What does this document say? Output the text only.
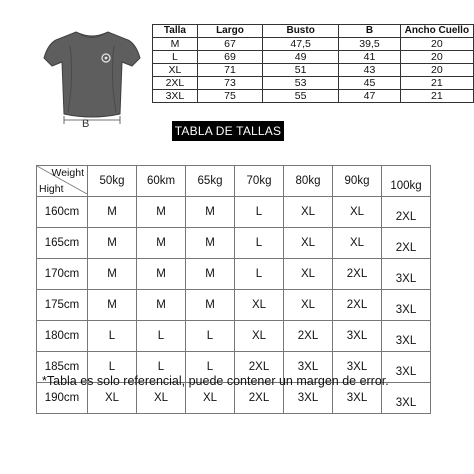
B
Talla	Largo	Busto	B	Ancho Cuello
M	67	47,5	39,5	20
L	69	49	41	20
XL	71	51	43	20
2XL	73	53	45	21
3XL	75	55	47	21
TABLA DE TALLAS
Weight
Hight	50kg	60km	65kg	70kg	80kg	90kg	100kg
160cm	M	M	M	L	XL	XL	2XL
165cm	M	M	M	L	XL	XL	2XL
170cm	M	M	M	L	XL	2XL	3XL
175cm	M	M	M	XL	XL	2XL	3XL
180cm	L	L	L	XL	2XL	3XL	3XL
185cm	L	L	L	2XL	3XL	3XL	3XL
190cm	XL	XL	XL	2XL	3XL	3XL	3XL
*Tabla es solo referencial, puede contener un margen de error.
